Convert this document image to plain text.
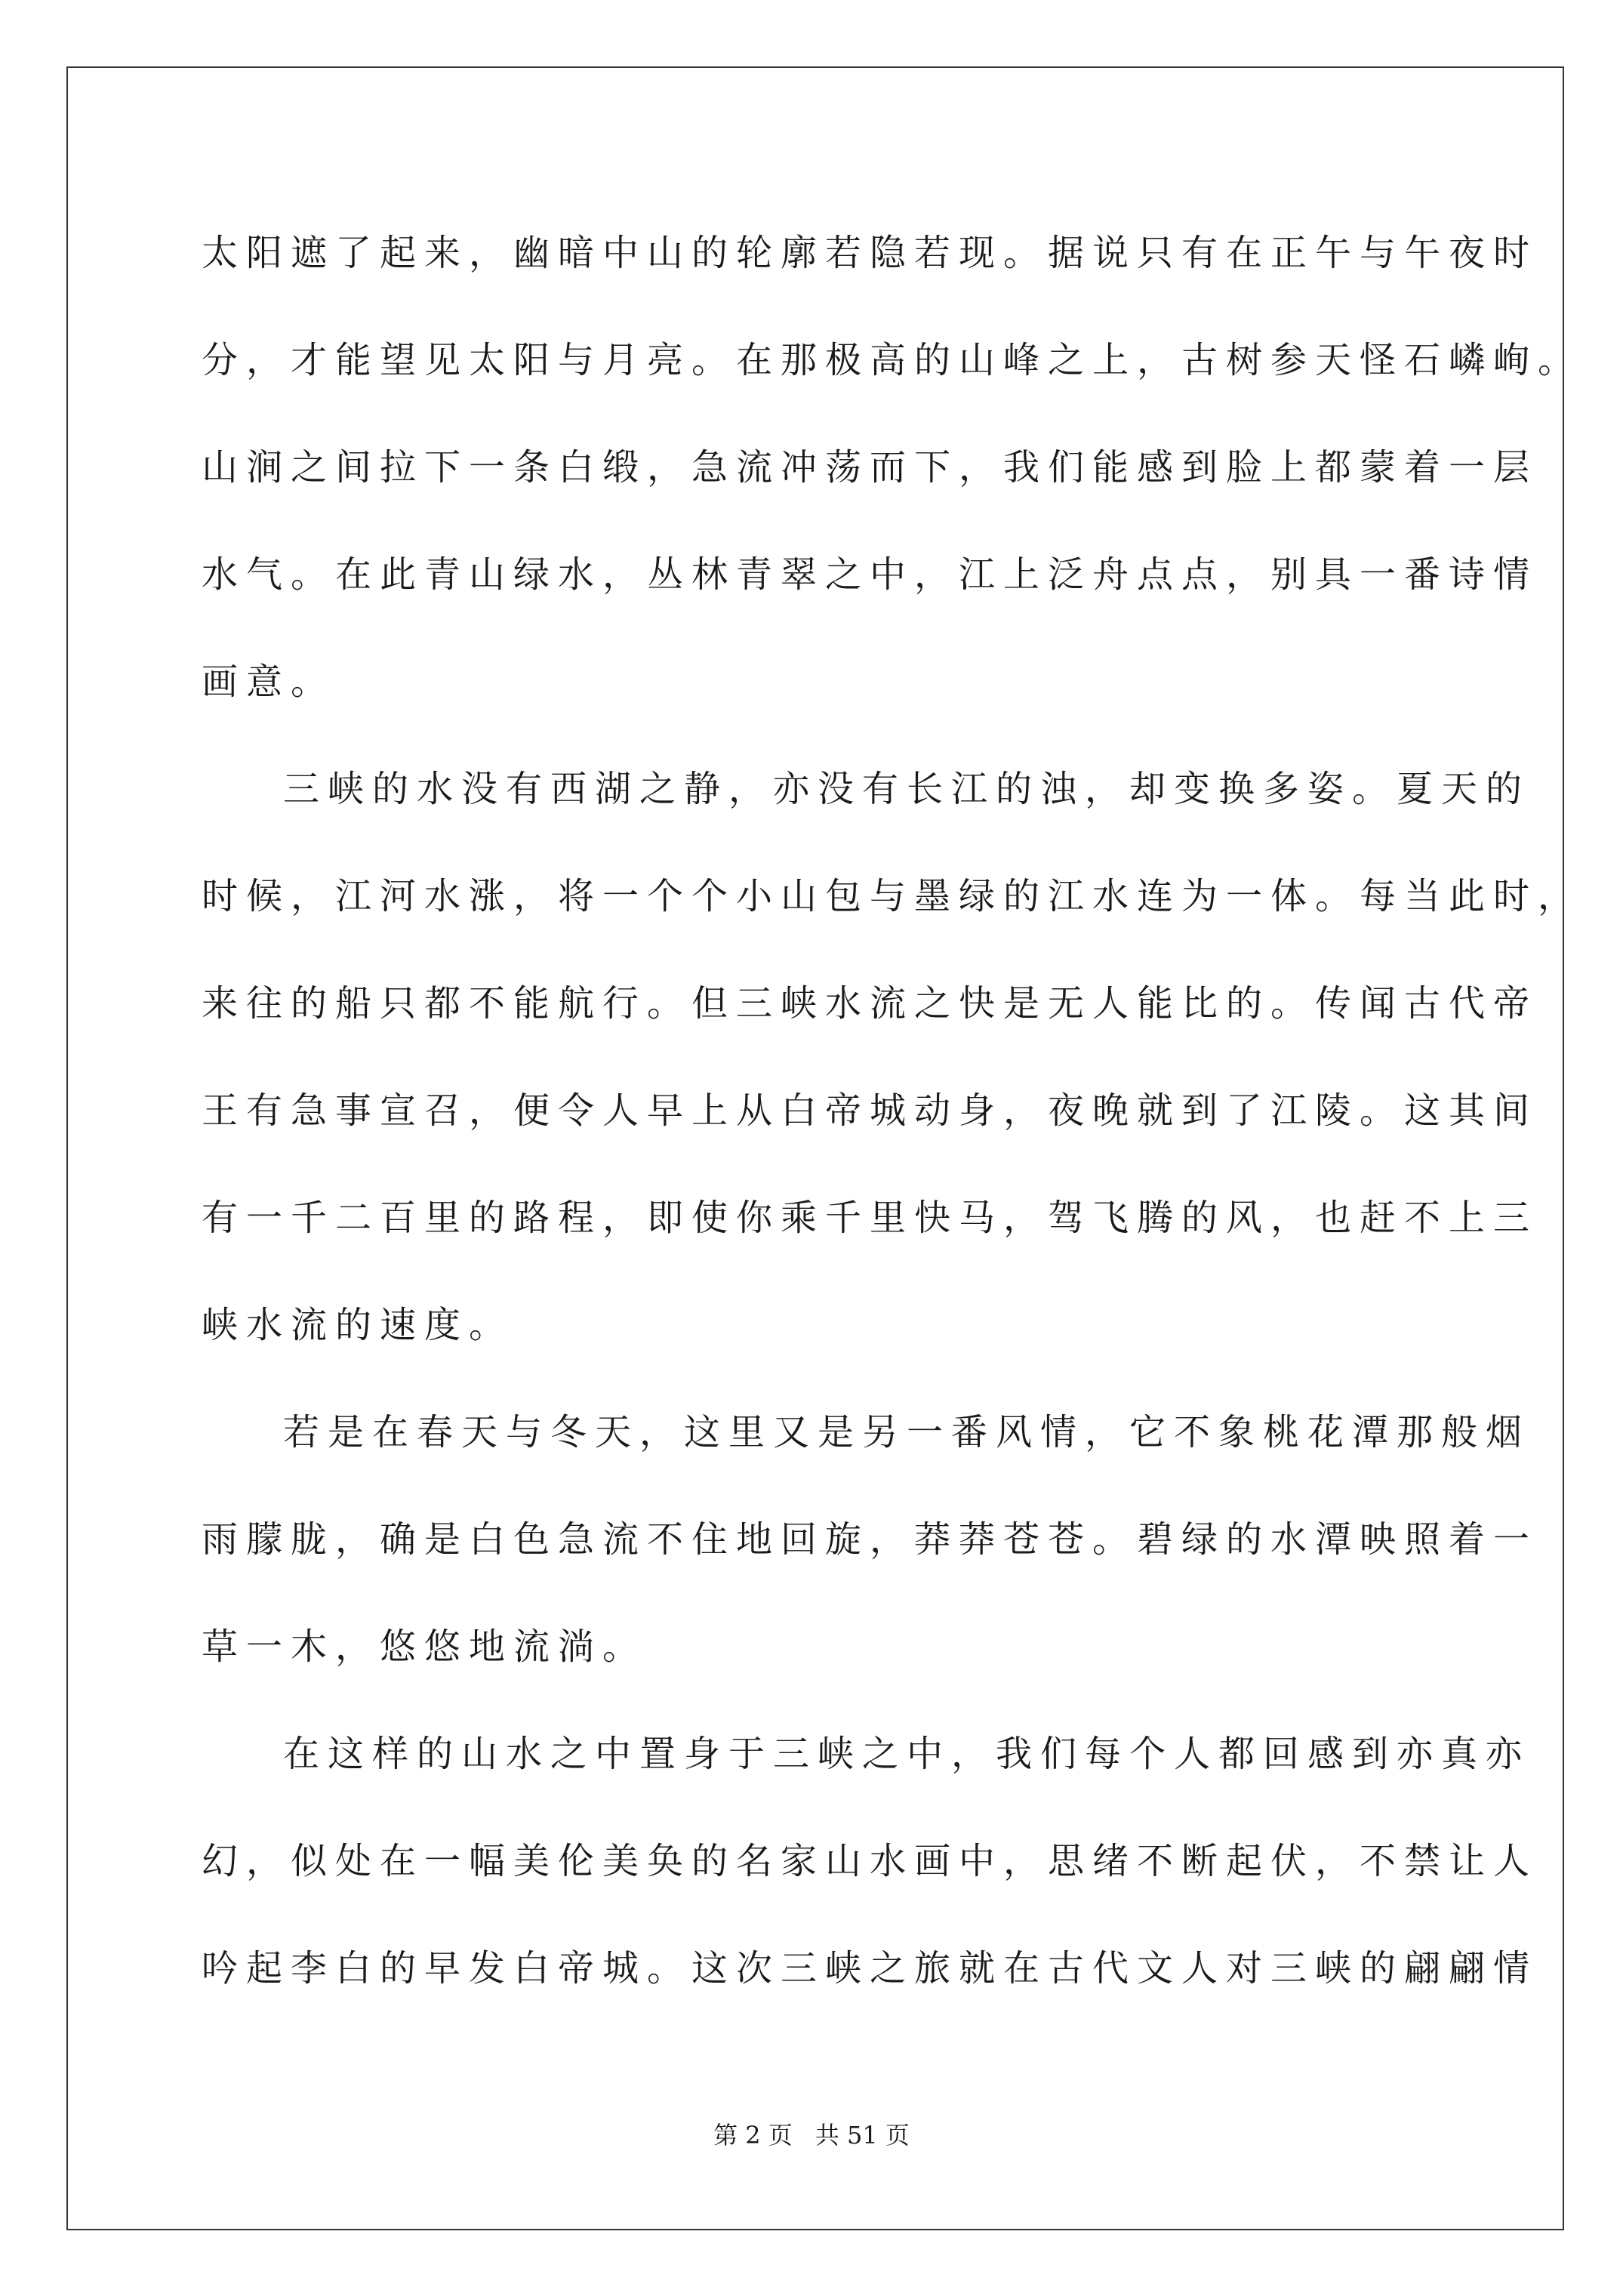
太阳遮了起来，幽暗中山的轮廓若隐若现。据说只有在正午与午夜时
分，才能望见太阳与月亮。在那极高的山峰之上，古树参天怪石嶙峋。
山涧之间拉下一条白缎，急流冲荡而下，我们能感到脸上都蒙着一层
水气。在此青山绿水，丛林青翠之中，江上泛舟点点，别具一番诗情
画意。
三峡的水没有西湖之静，亦没有长江的浊，却变换多姿。夏天的
时候，江河水涨，将一个个小山包与墨绿的江水连为一体。每当此时，
来往的船只都不能航行。但三峡水流之快是无人能比的。传闻古代帝
王有急事宣召，便令人早上从白帝城动身，夜晚就到了江陵。这其间
有一千二百里的路程，即使你乘千里快马，驾飞腾的风，也赶不上三
峡水流的速度。
若是在春天与冬天，这里又是另一番风情，它不象桃花潭那般烟
雨朦胧，确是白色急流不住地回旋，莽莽苍苍。碧绿的水潭映照着一
草一木，悠悠地流淌。
在这样的山水之中置身于三峡之中，我们每个人都回感到亦真亦
幻，似处在一幅美伦美奂的名家山水画中，思绪不断起伏，不禁让人
吟起李白的早发白帝城。这次三峡之旅就在古代文人对三峡的翩翩情
第 2 页 共 51 页
